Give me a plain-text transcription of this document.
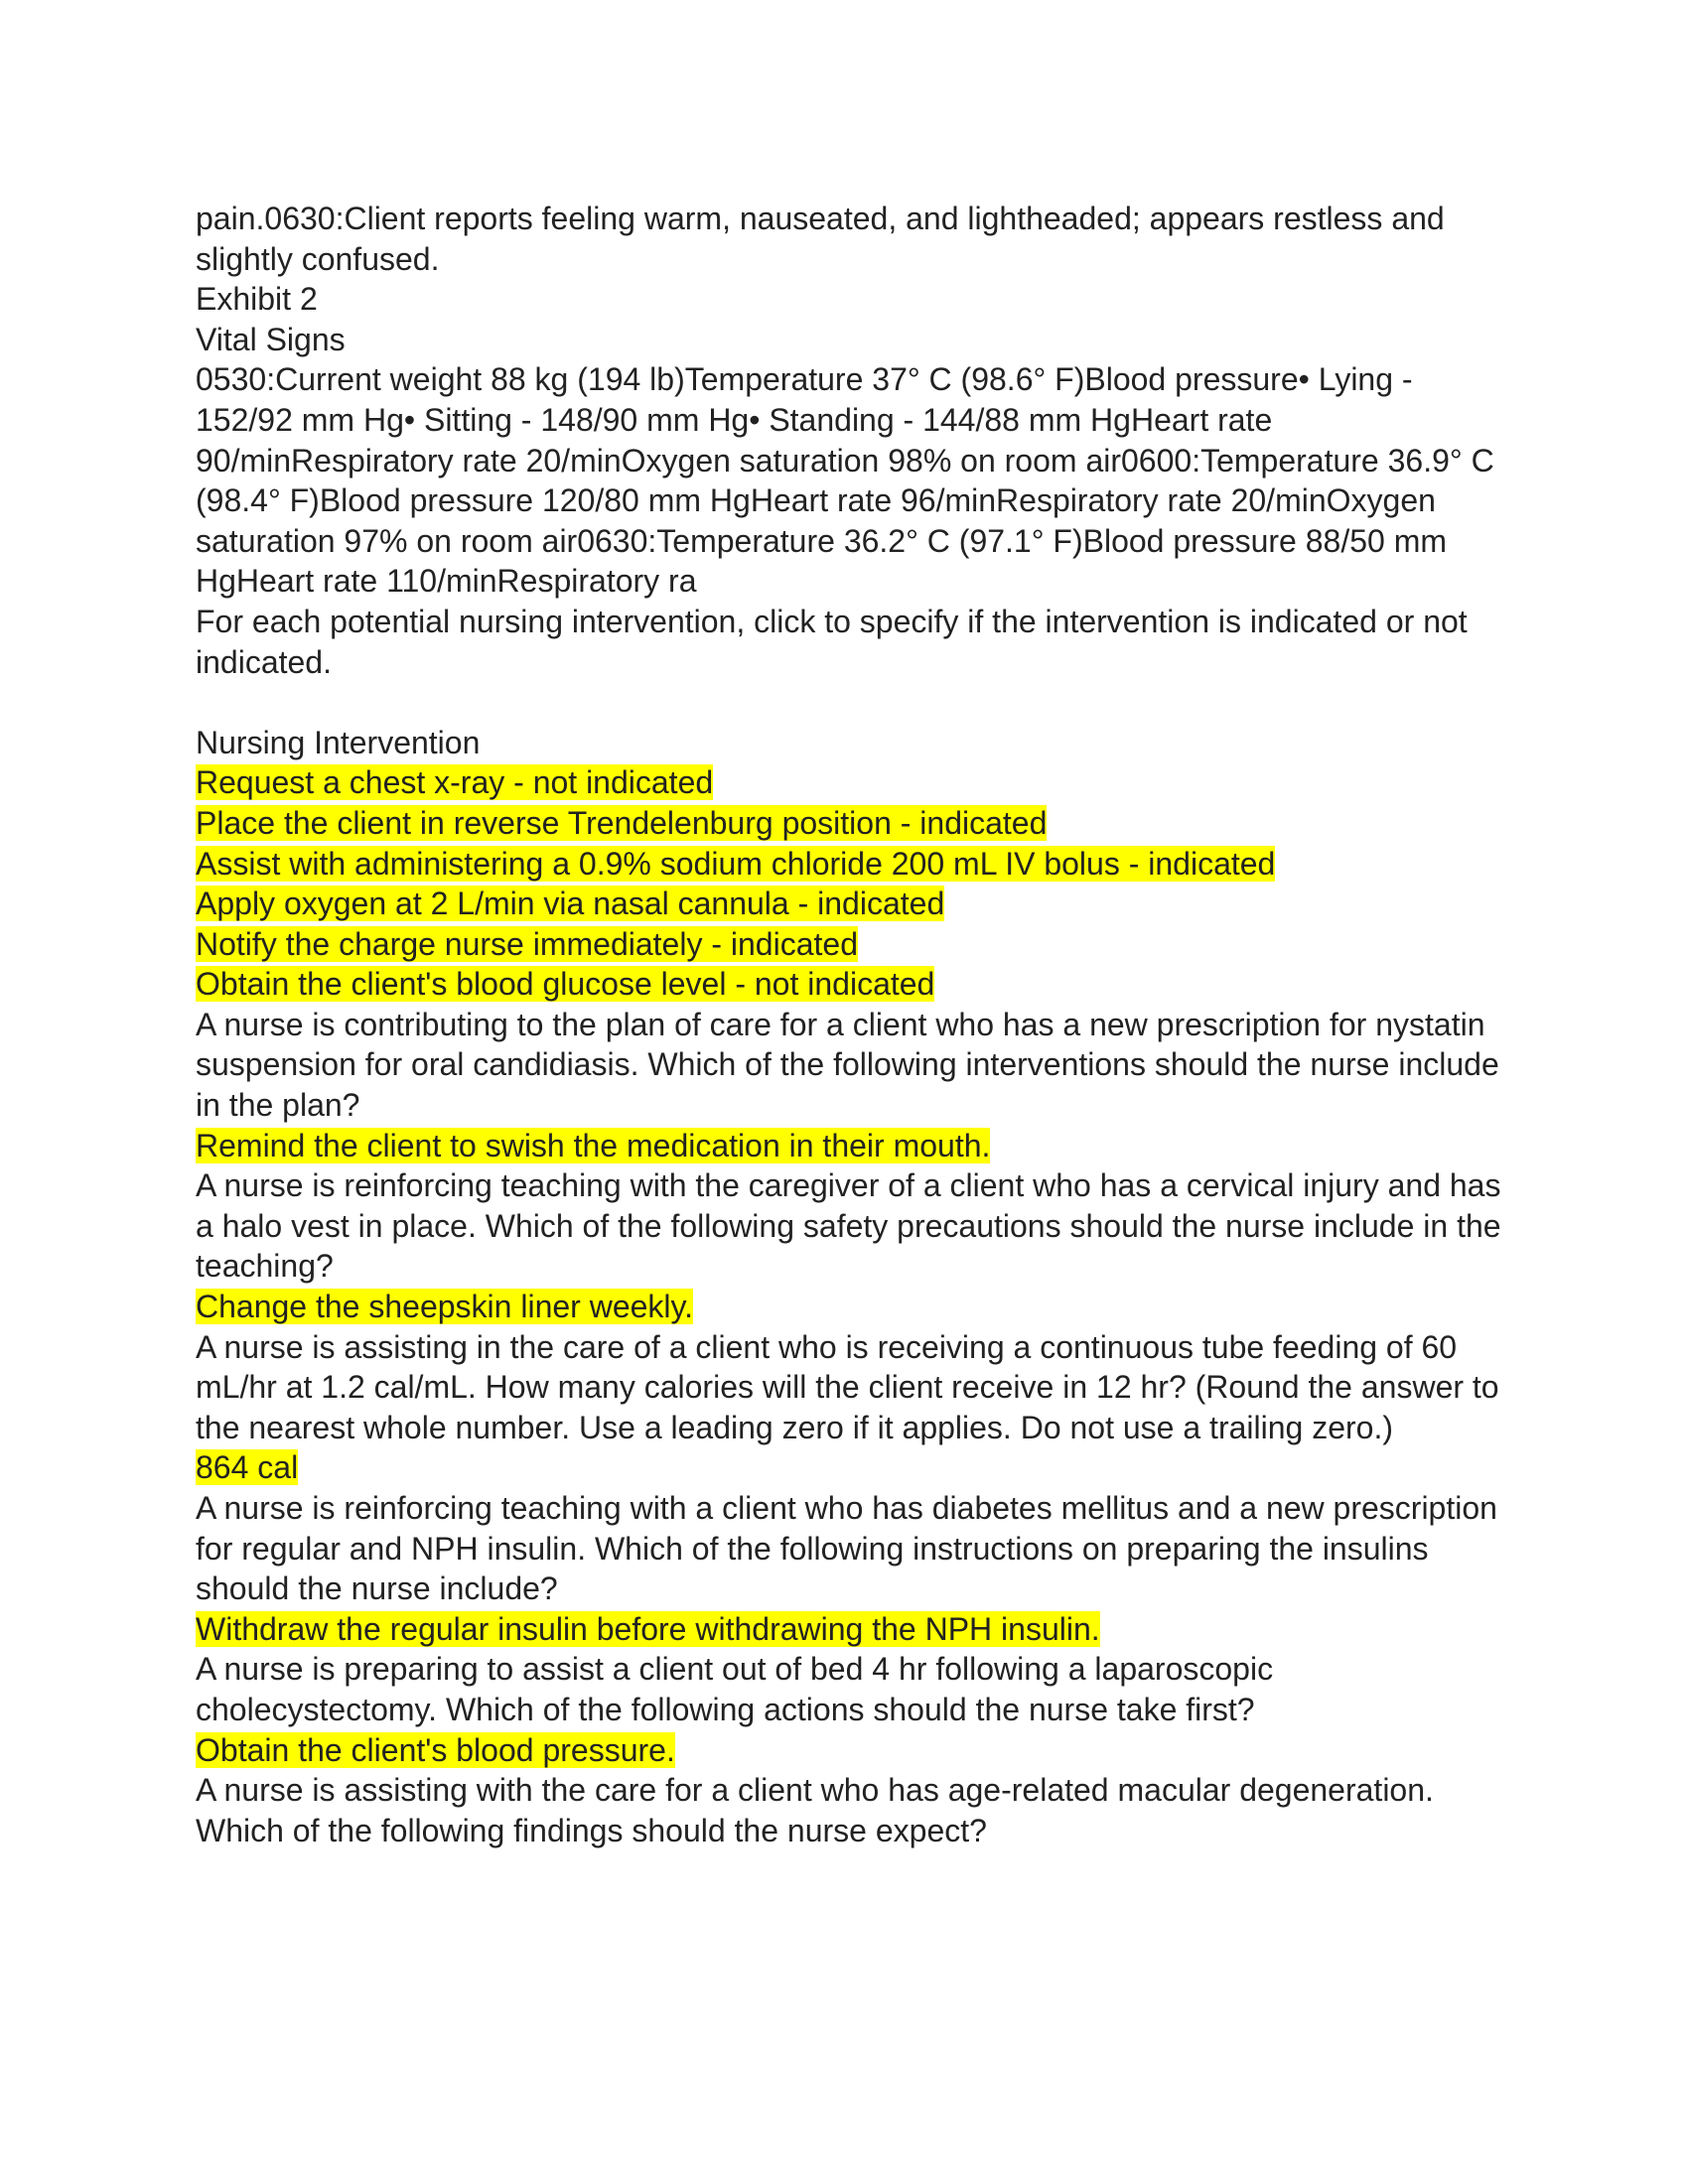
pain.0630:Client reports feeling warm, nauseated, and lightheaded; appears restless and slightly confused.

Exhibit 2

Vital Signs

0530:Current weight 88 kg (194 lb)Temperature 37° C (98.6° F)Blood pressure• Lying - 152/92 mm Hg• Sitting - 148/90 mm Hg• Standing - 144/88 mm HgHeart rate 90/minRespiratory rate 20/minOxygen saturation 98% on room air0600:Temperature 36.9° C (98.4° F)Blood pressure 120/80 mm HgHeart rate 96/minRespiratory rate 20/minOxygen saturation 97% on room air0630:Temperature 36.2° C (97.1° F)Blood pressure 88/50 mm HgHeart rate 110/minRespiratory ra

For each potential nursing intervention, click to specify if the intervention is indicated or not indicated.

Nursing Intervention

Request a chest x-ray - not indicated
Place the client in reverse Trendelenburg position - indicated
Assist with administering a 0.9% sodium chloride 200 mL IV bolus - indicated
Apply oxygen at 2 L/min via nasal cannula - indicated
Notify the charge nurse immediately - indicated
Obtain the client's blood glucose level - not indicated

A nurse is contributing to the plan of care for a client who has a new prescription for nystatin suspension for oral candidiasis. Which of the following interventions should the nurse include in the plan?

Remind the client to swish the medication in their mouth.

A nurse is reinforcing teaching with the caregiver of a client who has a cervical injury and has a halo vest in place. Which of the following safety precautions should the nurse include in the teaching?

Change the sheepskin liner weekly.

A nurse is assisting in the care of a client who is receiving a continuous tube feeding of 60 mL/hr at 1.2 cal/mL. How many calories will the client receive in 12 hr? (Round the answer to the nearest whole number. Use a leading zero if it applies. Do not use a trailing zero.)

864 cal

A nurse is reinforcing teaching with a client who has diabetes mellitus and a new prescription for regular and NPH insulin. Which of the following instructions on preparing the insulins should the nurse include?

Withdraw the regular insulin before withdrawing the NPH insulin.

A nurse is preparing to assist a client out of bed 4 hr following a laparoscopic cholecystectomy. Which of the following actions should the nurse take first?

Obtain the client's blood pressure.

A nurse is assisting with the care for a client who has age-related macular degeneration. Which of the following findings should the nurse expect?
